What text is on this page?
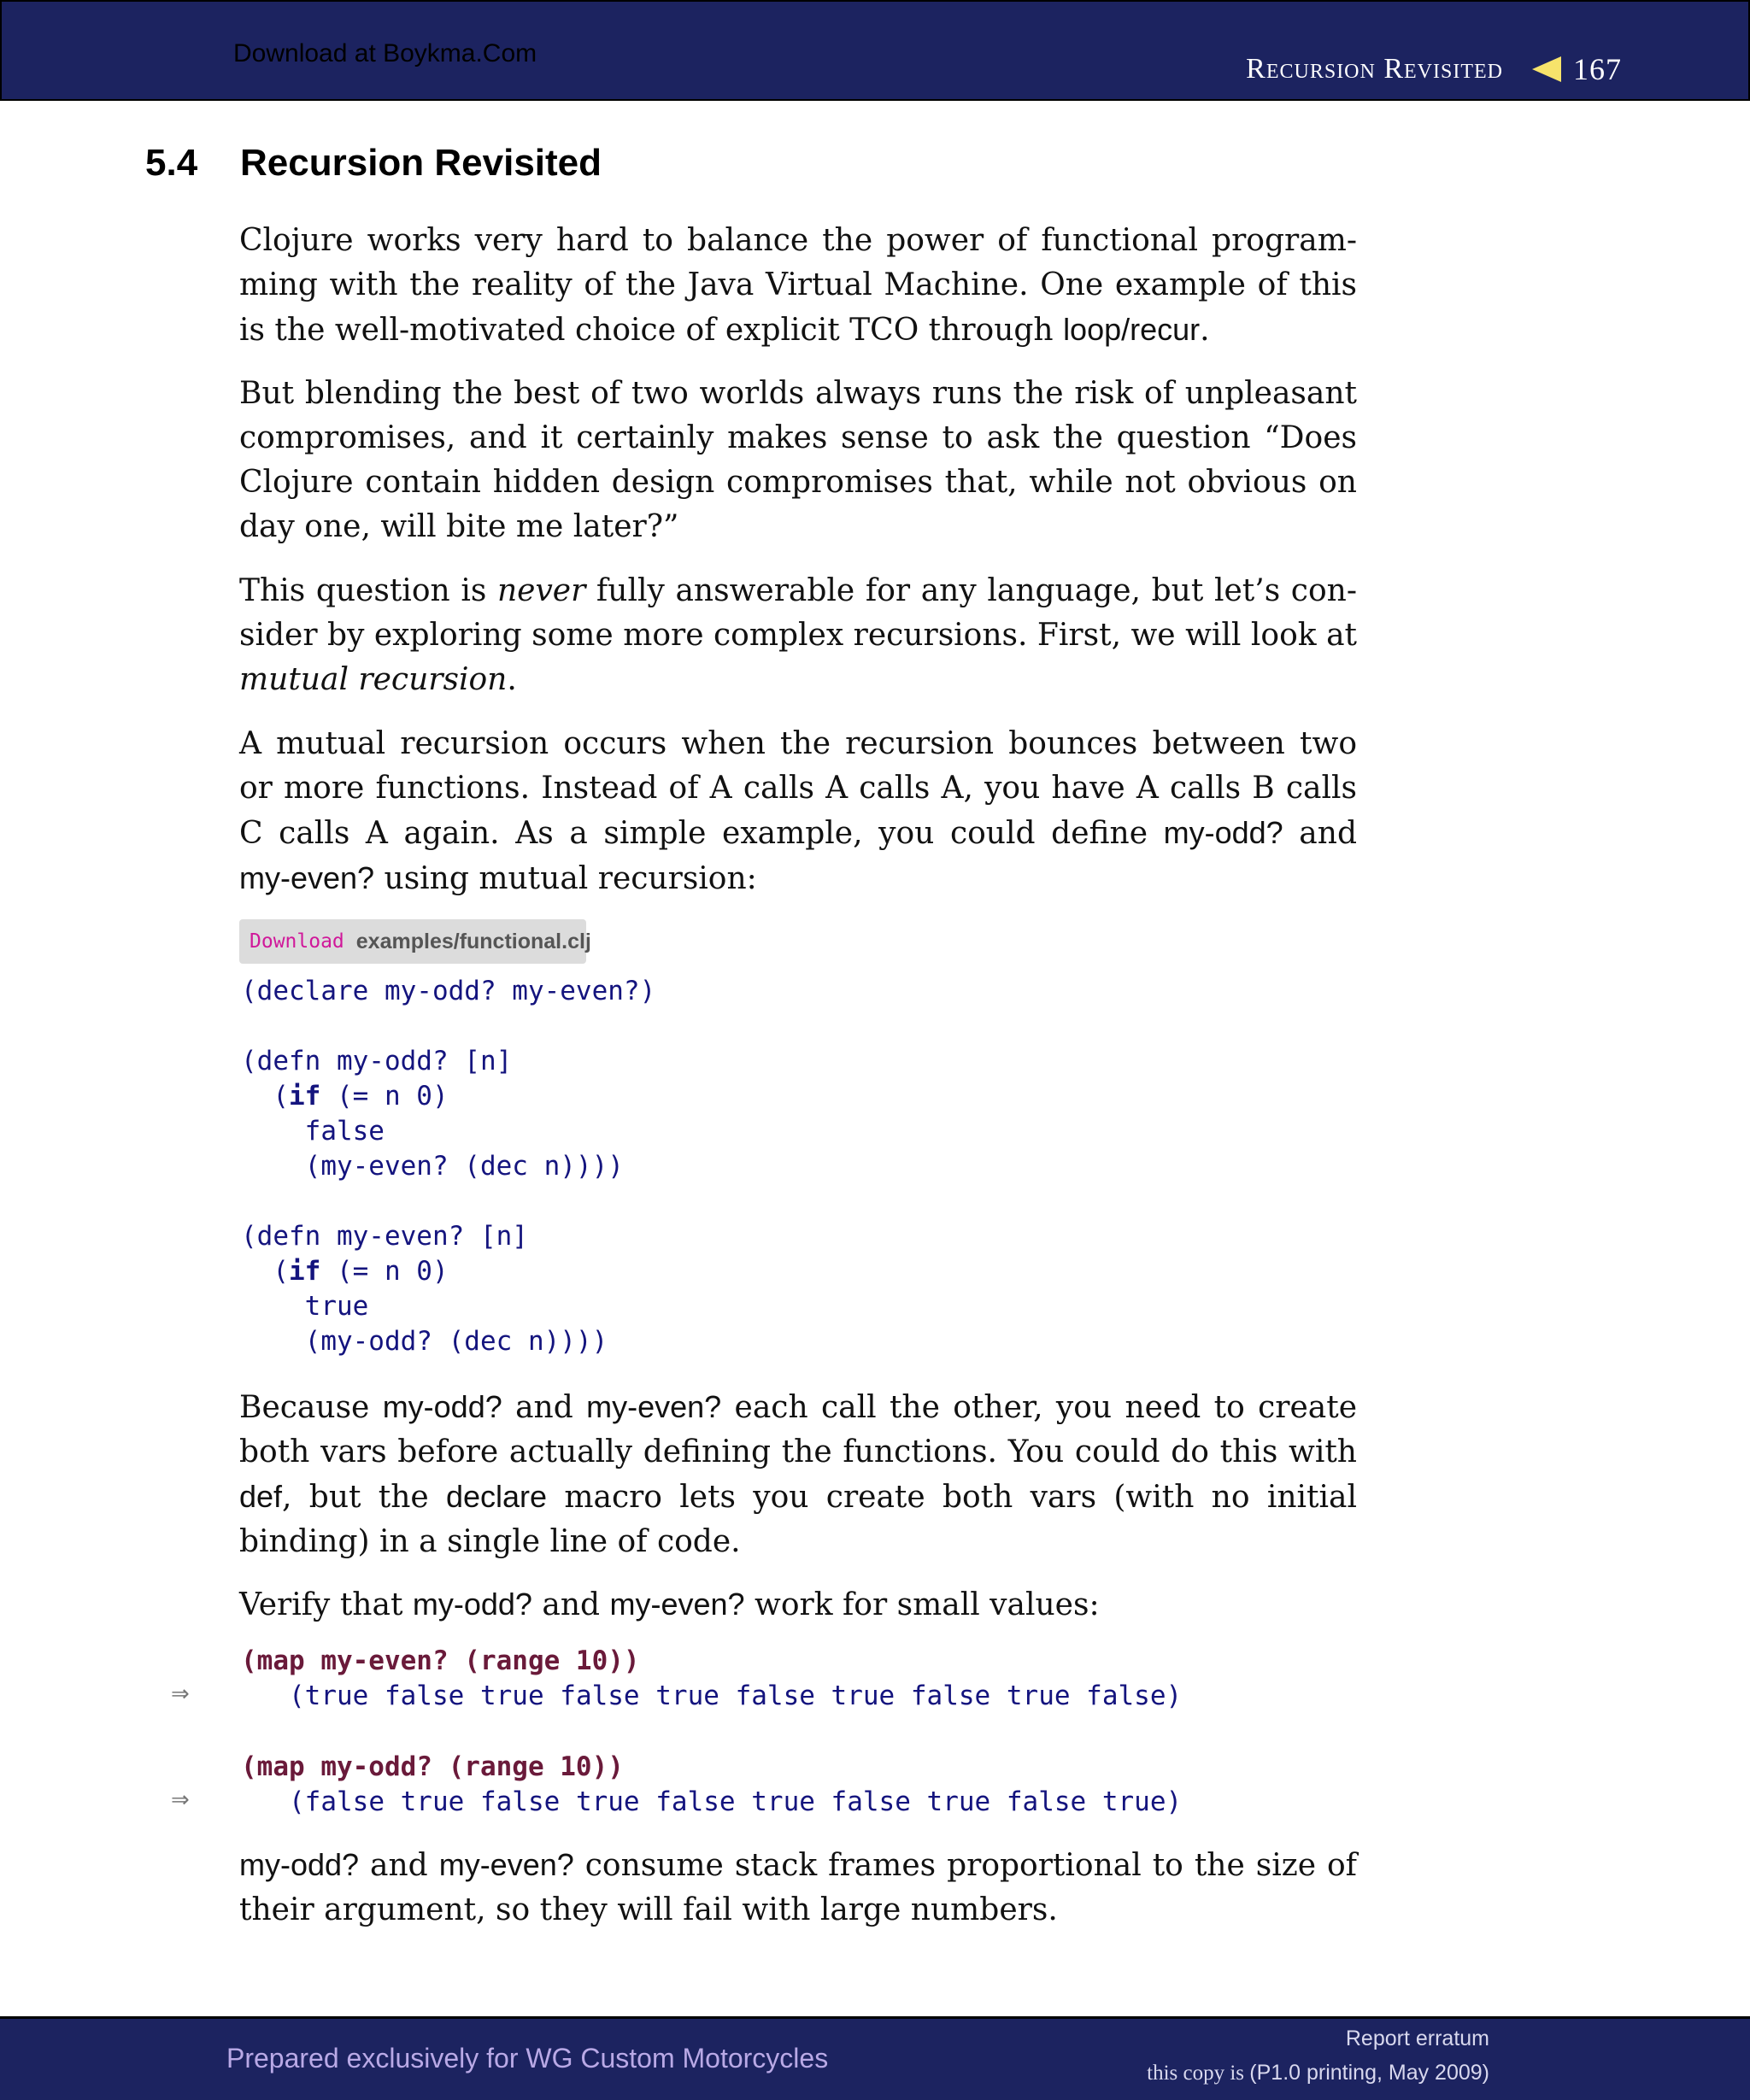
Download at Boykma.Com	Recursion Revisited 167
5.4 Recursion Revisited
Clojure works very hard to balance the power of functional program-
ming with the reality of the Java Virtual Machine. One example of this
is the well-motivated choice of explicit TCO through loop/recur.
But blending the best of two worlds always runs the risk of unpleasant
compromises, and it certainly makes sense to ask the question “Does
Clojure contain hidden design compromises that, while not obvious on
day one, will bite me later?”
This question is never fully answerable for any language, but let’s con-
sider by exploring some more complex recursions. First, we will look at
mutual recursion.
A mutual recursion occurs when the recursion bounces between two
or more functions. Instead of A calls A calls A, you have A calls B calls
C calls A again. As a simple example, you could define my-odd? and
my-even? using mutual recursion:
Download examples/functional.clj
(declare my-odd? my-even?)

(defn my-odd? [n]
(if (= n 0)
false
(my-even? (dec n))))

(defn my-even? [n]
(if (= n 0)
true
(my-odd? (dec n))))
Because my-odd? and my-even? each call the other, you need to create
both vars before actually defining the functions. You could do this with
def, but the declare macro lets you create both vars (with no initial
binding) in a single line of code.
Verify that my-odd? and my-even? work for small values:
(map my-even? (range 10))
⇒	(true false true false true false true false true false)
(map my-odd? (range 10))
⇒	(false true false true false true false true false true)
my-odd? and my-even? consume stack frames proportional to the size of
their argument, so they will fail with large numbers.
Prepared exclusively for WG Custom Motorcycles
Report erratum
this copy is (P1.0 printing, May 2009)
